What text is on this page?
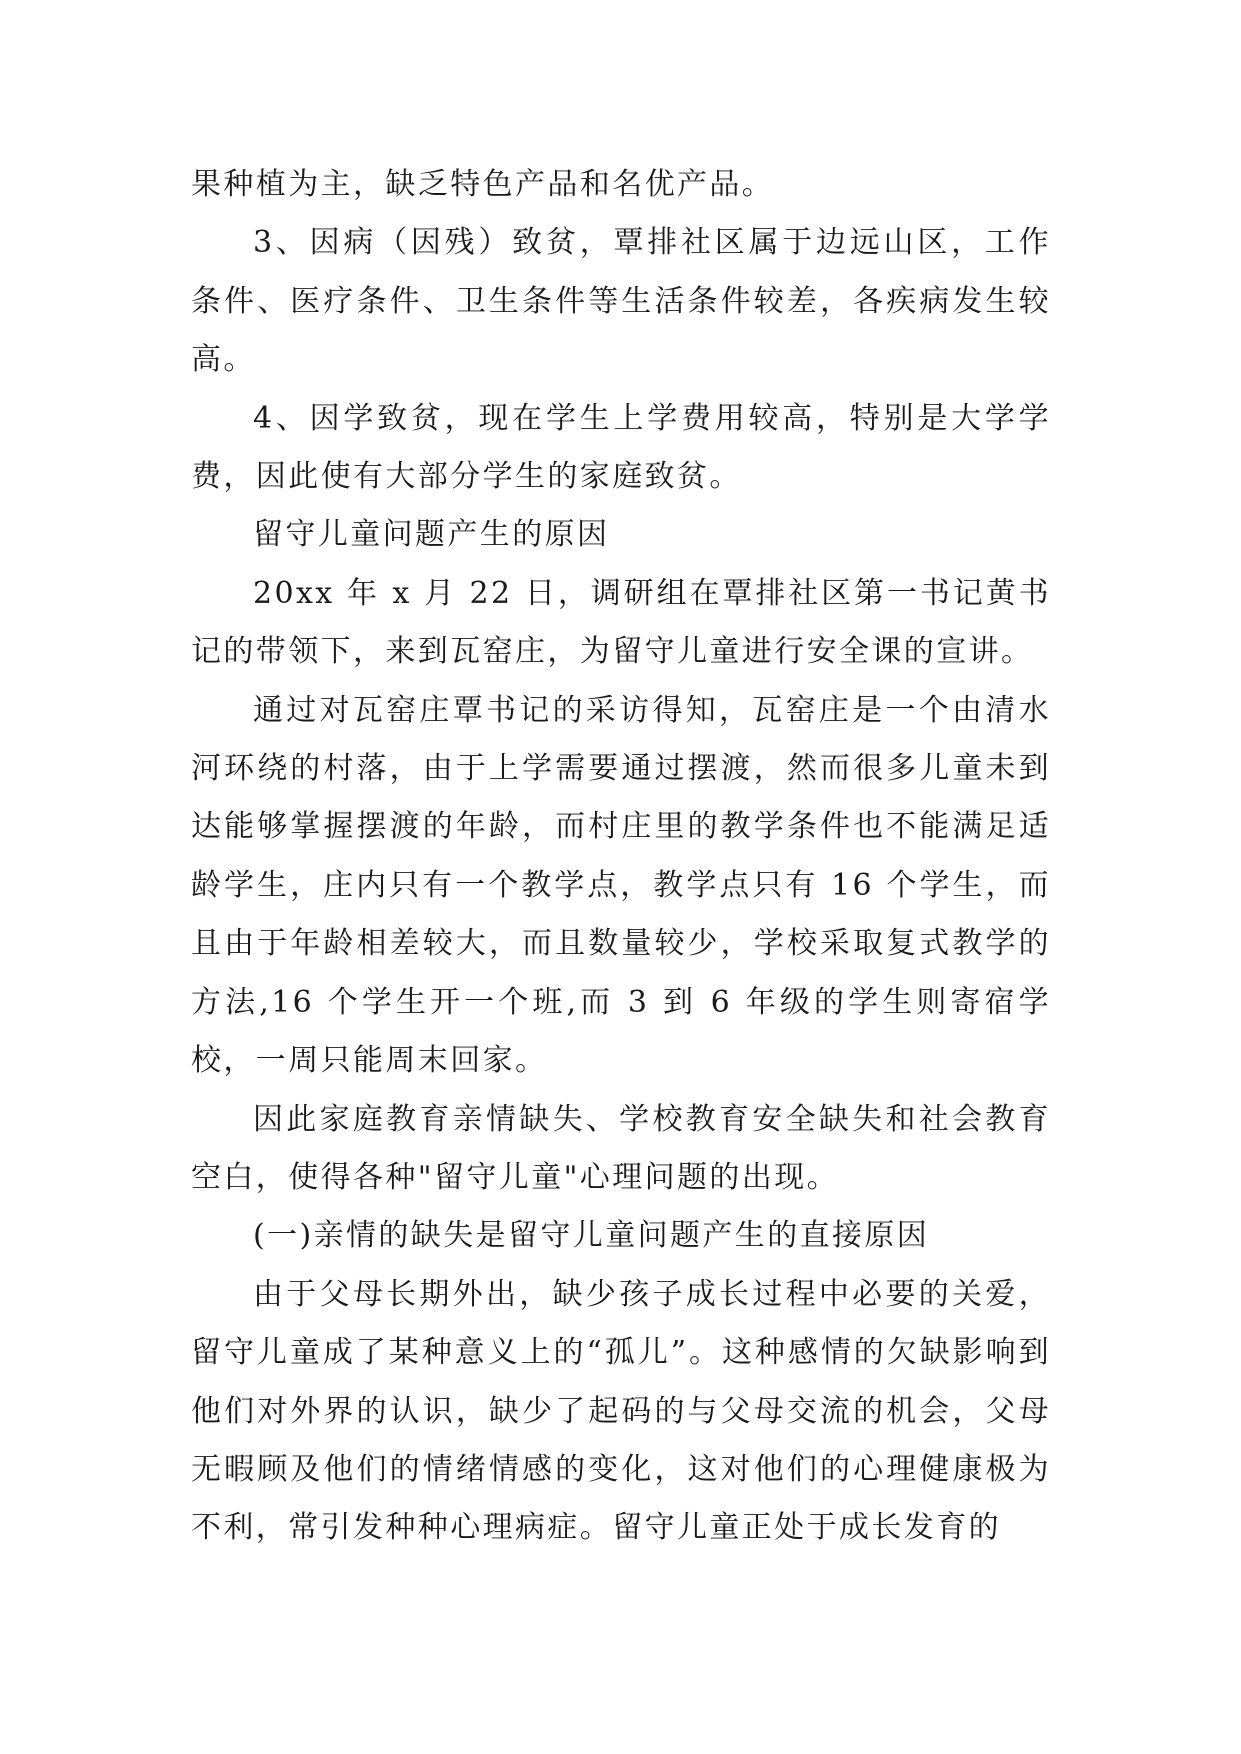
果种植为主，缺乏特色产品和名优产品。

3、因病（因残）致贫，覃排社区属于边远山区，工作条件、医疗条件、卫生条件等生活条件较差，各疾病发生较高。

4、因学致贫，现在学生上学费用较高，特别是大学学费，因此使有大部分学生的家庭致贫。

留守儿童问题产生的原因

20xx 年 x 月 22 日，调研组在覃排社区第一书记黄书记的带领下，来到瓦窑庄，为留守儿童进行安全课的宣讲。

通过对瓦窑庄覃书记的采访得知，瓦窑庄是一个由清水河环绕的村落，由于上学需要通过摆渡，然而很多儿童未到达能够掌握摆渡的年龄，而村庄里的教学条件也不能满足适龄学生，庄内只有一个教学点，教学点只有 16 个学生，而且由于年龄相差较大，而且数量较少，学校采取复式教学的方法,16 个学生开一个班,而 3 到 6 年级的学生则寄宿学校，一周只能周末回家。

因此家庭教育亲情缺失、学校教育安全缺失和社会教育空白，使得各种"留守儿童"心理问题的出现。

(一)亲情的缺失是留守儿童问题产生的直接原因

由于父母长期外出，缺少孩子成长过程中必要的关爱，留守儿童成了某种意义上的“孤儿”。这种感情的欠缺影响到他们对外界的认识，缺少了起码的与父母交流的机会，父母无暇顾及他们的情绪情感的变化，这对他们的心理健康极为不利，常引发种种心理病症。留守儿童正处于成长发育的
